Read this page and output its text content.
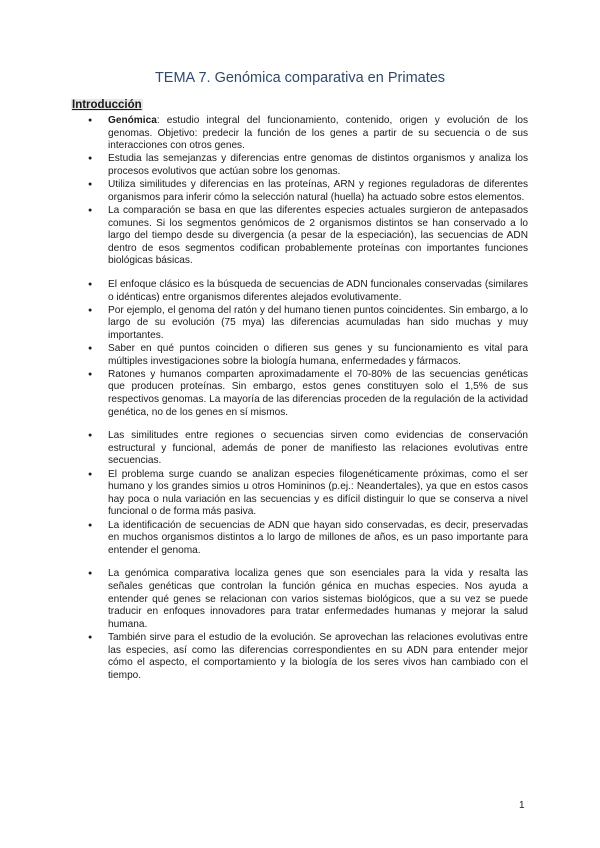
TEMA 7. Genómica comparativa en Primates
Introducción
● Genómica: estudio integral del funcionamiento, contenido, origen y evolución de los genomas. Objetivo: predecir la función de los genes a partir de su secuencia o de sus interacciones con otros genes.
● Estudia las semejanzas y diferencias entre genomas de distintos organismos y analiza los procesos evolutivos que actúan sobre los genomas.
● Utiliza similitudes y diferencias en las proteínas, ARN y regiones reguladoras de diferentes organismos para inferir cómo la selección natural (huella) ha actuado sobre estos elementos.
● La comparación se basa en que las diferentes especies actuales surgieron de antepasados comunes. Si los segmentos genómicos de 2 organismos distintos se han conservado a lo largo del tiempo desde su divergencia (a pesar de la especiación), las secuencias de ADN dentro de esos segmentos codifican probablemente proteínas con importantes funciones biológicas básicas.
● El enfoque clásico es la búsqueda de secuencias de ADN funcionales conservadas (similares o idénticas) entre organismos diferentes alejados evolutivamente.
● Por ejemplo, el genoma del ratón y del humano tienen puntos coincidentes. Sin embargo, a lo largo de su evolución (75 mya) las diferencias acumuladas han sido muchas y muy importantes.
● Saber en qué puntos coinciden o difieren sus genes y su funcionamiento es vital para múltiples investigaciones sobre la biología humana, enfermedades y fármacos.
● Ratones y humanos comparten aproximadamente el 70-80% de las secuencias genéticas que producen proteínas. Sin embargo, estos genes constituyen solo el 1,5% de sus respectivos genomas. La mayoría de las diferencias proceden de la regulación de la actividad genética, no de los genes en sí mismos.
● Las similitudes entre regiones o secuencias sirven como evidencias de conservación estructural y funcional, además de poner de manifiesto las relaciones evolutivas entre secuencias.
● El problema surge cuando se analizan especies filogenéticamente próximas, como el ser humano y los grandes simios u otros Homininos (p.ej.: Neandertales), ya que en estos casos hay poca o nula variación en las secuencias y es difícil distinguir lo que se conserva a nivel funcional o de forma más pasiva.
● La identificación de secuencias de ADN que hayan sido conservadas, es decir, preservadas en muchos organismos distintos a lo largo de millones de años, es un paso importante para entender el genoma.
● La genómica comparativa localiza genes que son esenciales para la vida y resalta las señales genéticas que controlan la función génica en muchas especies. Nos ayuda a entender qué genes se relacionan con varios sistemas biológicos, que a su vez se puede traducir en enfoques innovadores para tratar enfermedades humanas y mejorar la salud humana.
● También sirve para el estudio de la evolución. Se aprovechan las relaciones evolutivas entre las especies, así como las diferencias correspondientes en su ADN para entender mejor cómo el aspecto, el comportamiento y la biología de los seres vivos han cambiado con el tiempo.

1
